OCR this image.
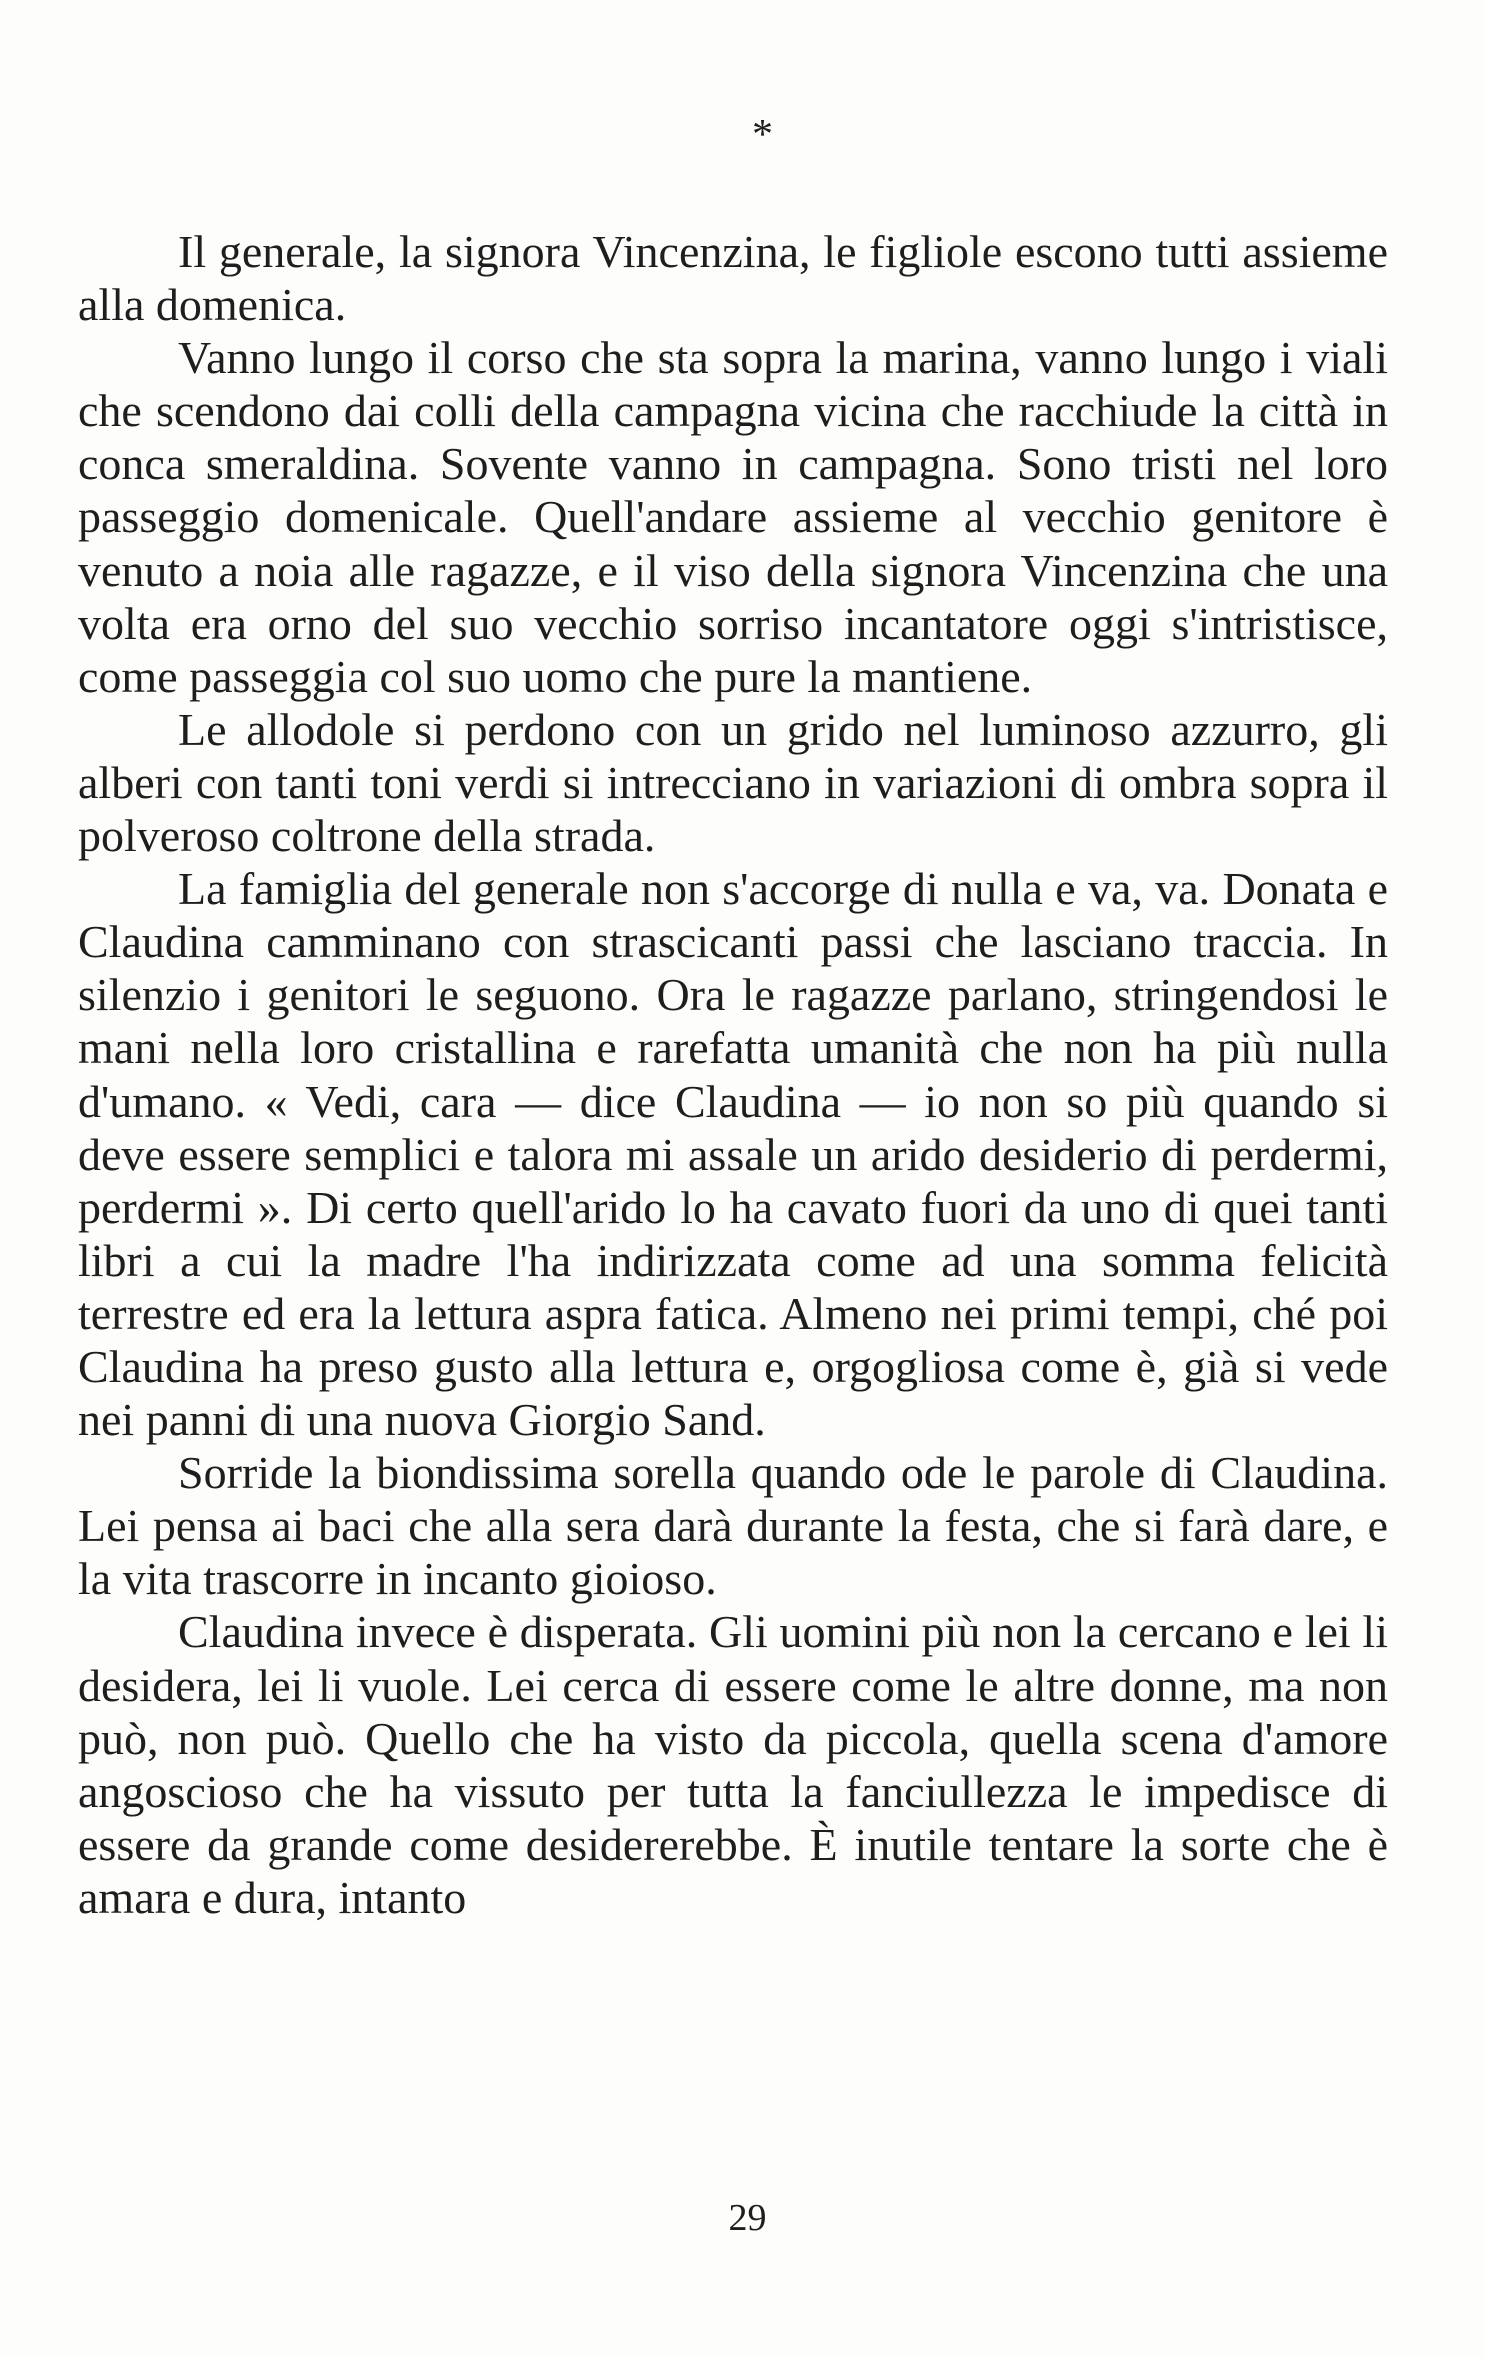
*

Il generale, la signora Vincenzina, le figliole escono tutti assieme alla domenica.

Vanno lungo il corso che sta sopra la marina, vanno lungo i viali che scendono dai colli della campagna vicina che racchiude la città in conca smeraldina. Sovente vanno in campagna. Sono tristi nel loro passeggio domenicale. Quell'andare assieme al vecchio genitore è venuto a noia alle ragazze, e il viso della signora Vincenzina che una volta era orno del suo vecchio sorriso incantatore oggi s'intristisce, come passeggia col suo uomo che pure la mantiene.

Le allodole si perdono con un grido nel luminoso azzurro, gli alberi con tanti toni verdi si intrecciano in variazioni di ombra sopra il polveroso coltrone della strada.

La famiglia del generale non s'accorge di nulla e va, va. Donata e Claudina camminano con strascicanti passi che lasciano traccia. In silenzio i genitori le seguono. Ora le ragazze parlano, stringendosi le mani nella loro cristallina e rarefatta umanità che non ha più nulla d'umano. « Vedi, cara — dice Claudina — io non so più quando si deve essere semplici e talora mi assale un arido desiderio di perdermi, perdermi ». Di certo quell'arido lo ha cavato fuori da uno di quei tanti libri a cui la madre l'ha indirizzata come ad una somma felicità terrestre ed era la lettura aspra fatica. Almeno nei primi tempi, ché poi Claudina ha preso gusto alla lettura e, orgogliosa come è, già si vede nei panni di una nuova Giorgio Sand.

Sorride la biondissima sorella quando ode le parole di Claudina. Lei pensa ai baci che alla sera darà durante la festa, che si farà dare, e la vita trascorre in incanto gioioso.

Claudina invece è disperata. Gli uomini più non la cercano e lei li desidera, lei li vuole. Lei cerca di essere come le altre donne, ma non può, non può. Quello che ha visto da piccola, quella scena d'amore angoscioso che ha vissuto per tutta la fanciullezza le impedisce di essere da grande come desidererebbe. È inutile tentare la sorte che è amara e dura, intanto

29
